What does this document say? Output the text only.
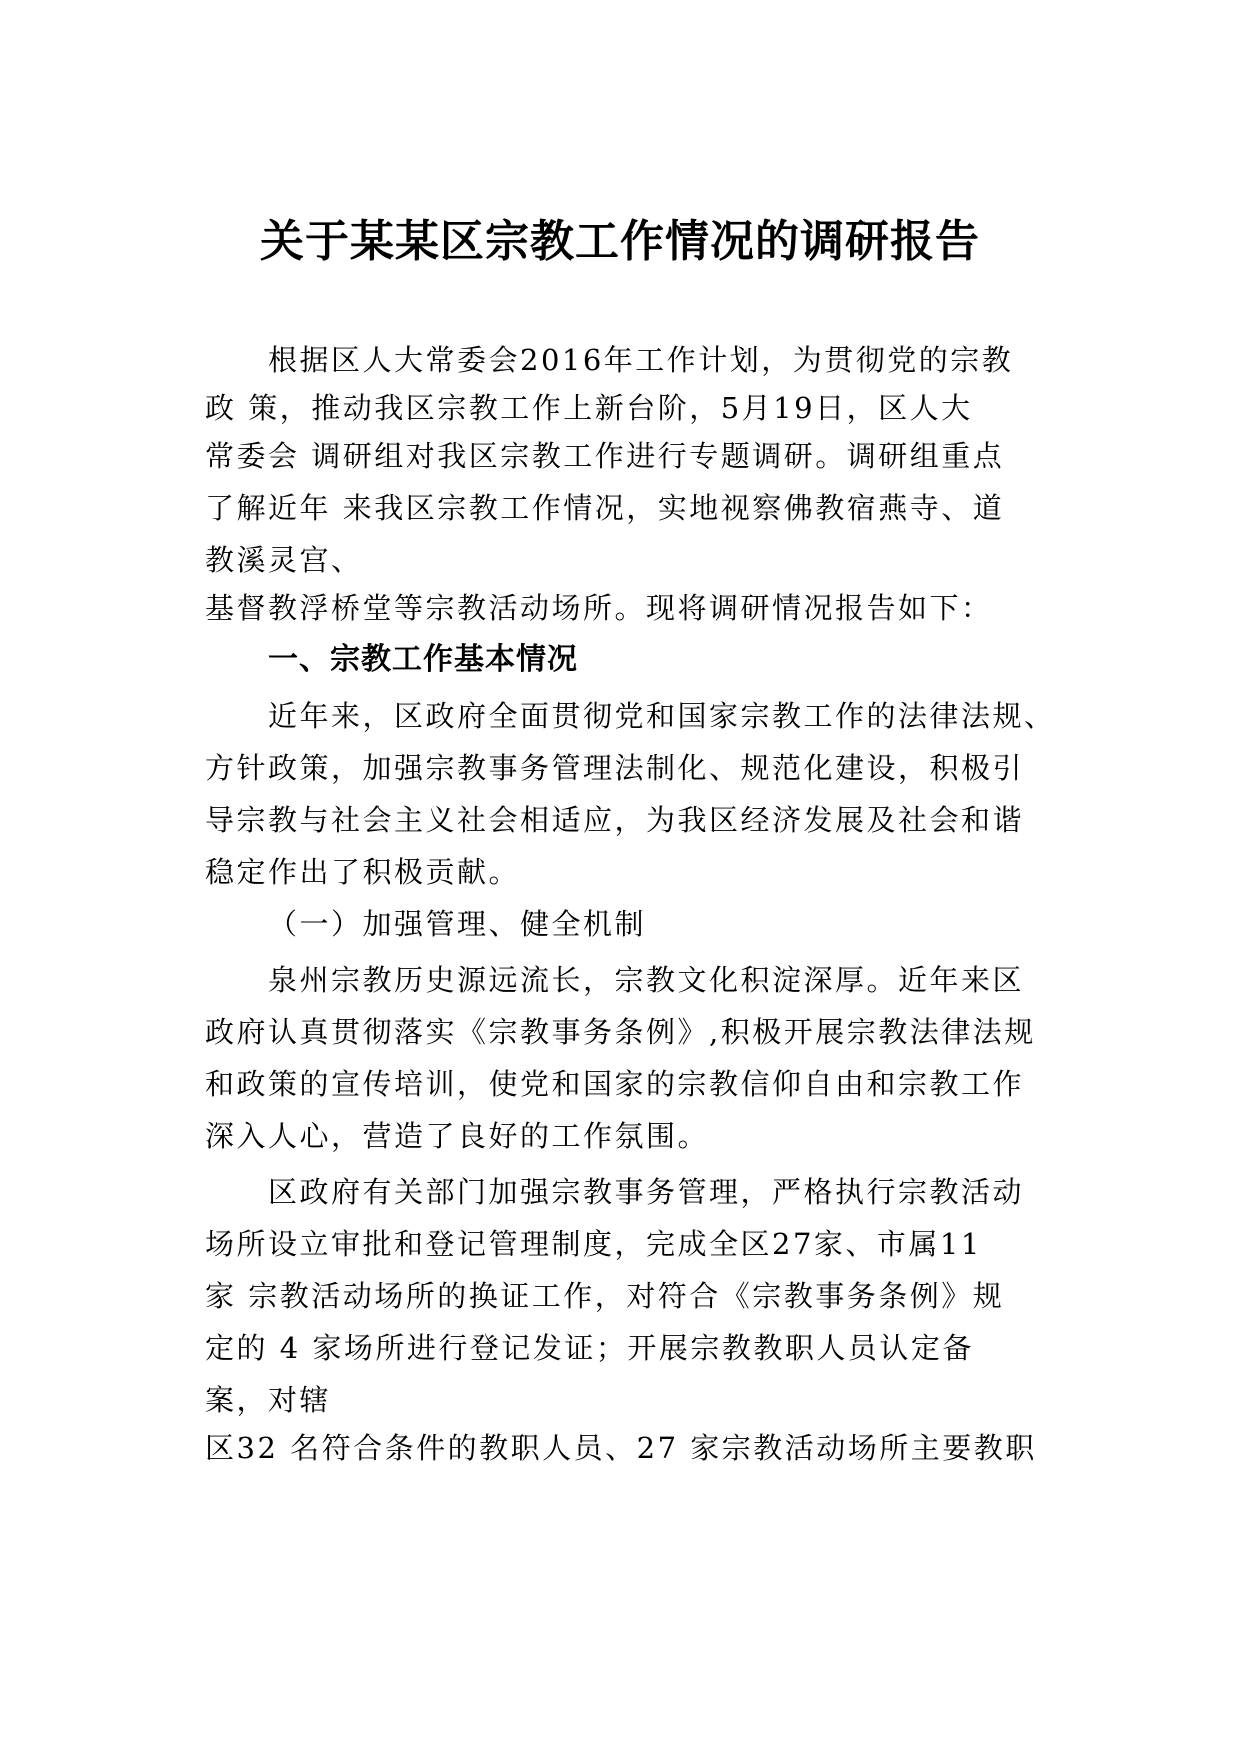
关于某某区宗教工作情况的调研报告
根据区人大常委会2016年工作计划，为贯彻党的宗教
政 策，推动我区宗教工作上新台阶，5月19日，区人大
常委会 调研组对我区宗教工作进行专题调研。调研组重点
了解近年 来我区宗教工作情况，实地视察佛教宿燕寺、道
教溪灵宫、
基督教浮桥堂等宗教活动场所。现将调研情况报告如下：
一、宗教工作基本情况
近年来，区政府全面贯彻党和国家宗教工作的法律法规、
方针政策，加强宗教事务管理法制化、规范化建设，积极引
导宗教与社会主义社会相适应，为我区经济发展及社会和谐
稳定作出了积极贡献。
（一）加强管理、健全机制
泉州宗教历史源远流长，宗教文化积淀深厚。近年来区
政府认真贯彻落实《宗教事务条例》,积极开展宗教法律法规
和政策的宣传培训，使党和国家的宗教信仰自由和宗教工作
深入人心，营造了良好的工作氛围。
区政府有关部门加强宗教事务管理，严格执行宗教活动
场所设立审批和登记管理制度，完成全区27家、市属11
家 宗教活动场所的换证工作，对符合《宗教事务条例》规
定的 4 家场所进行登记发证；开展宗教教职人员认定备
案，对辖
区32 名符合条件的教职人员、27 家宗教活动场所主要教职
